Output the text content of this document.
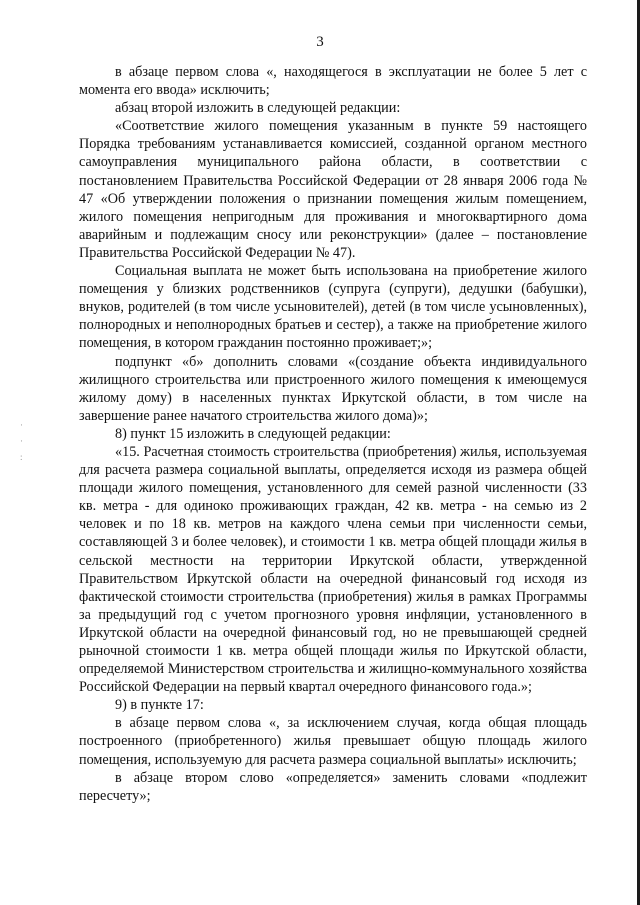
3

в абзаце первом слова «, находящегося в эксплуатации не более 5 лет с момента его ввода» исключить;

абзац второй изложить в следующей редакции:

«Соответствие жилого помещения указанным в пункте 59 настоящего Порядка требованиям устанавливается комиссией, созданной органом местного самоуправления муниципального района области, в соответствии с постановлением Правительства Российской Федерации от 28 января 2006 года № 47 «Об утверждении положения о признании помещения жилым помещением, жилого помещения непригодным для проживания и многоквартирного дома аварийным и подлежащим сносу или реконструкции» (далее – постановление Правительства Российской Федерации № 47).

Социальная выплата не может быть использована на приобретение жилого помещения у близких родственников (супруга (супруги), дедушки (бабушки), внуков, родителей (в том числе усыновителей), детей (в том числе усыновленных), полнородных и неполнородных братьев и сестер), а также на приобретение жилого помещения, в котором гражданин постоянно проживает;»;

подпункт «б» дополнить словами «(создание объекта индивидуального жилищного строительства или пристроенного жилого помещения к имеющемуся жилому дому) в населенных пунктах Иркутской области, в том числе на завершение ранее начатого строительства жилого дома)»;

8) пункт 15 изложить в следующей редакции:

«15. Расчетная стоимость строительства (приобретения) жилья, используемая для расчета размера социальной выплаты, определяется исходя из размера общей площади жилого помещения, установленного для семей разной численности (33 кв. метра - для одиноко проживающих граждан, 42 кв. метра - на семью из 2 человек и по 18 кв. метров на каждого члена семьи при численности семьи, составляющей 3 и более человек), и стоимости 1 кв. метра общей площади жилья в сельской местности на территории Иркутской области, утвержденной Правительством Иркутской области на очередной финансовый год исходя из фактической стоимости строительства (приобретения) жилья в рамках Программы за предыдущий год с учетом прогнозного уровня инфляции, установленного в Иркутской области на очередной финансовый год, но не превышающей средней рыночной стоимости 1 кв. метра общей площади жилья по Иркутской области, определяемой Министерством строительства и жилищно-коммунального хозяйства Российской Федерации на первый квартал очередного финансового года.»;

9) в пункте 17:

в абзаце первом слова «, за исключением случая, когда общая площадь построенного (приобретенного) жилья превышает общую площадь жилого помещения, используемую для расчета размера социальной выплаты» исключить;

в абзаце втором слово «определяется» заменить словами «подлежит пересчету»;

·
·
:
